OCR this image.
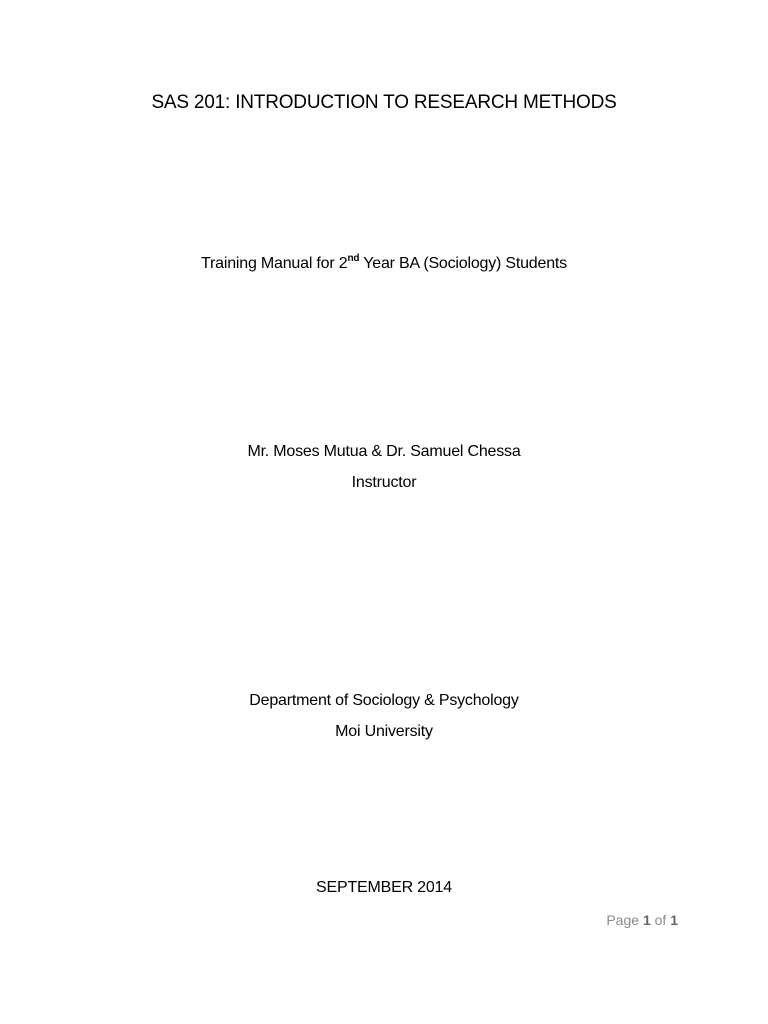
SAS 201: INTRODUCTION TO RESEARCH METHODS
Training Manual for 2nd Year BA (Sociology) Students
Mr. Moses Mutua & Dr. Samuel Chessa
Instructor
Department of Sociology & Psychology
Moi University
SEPTEMBER 2014
Page 1 of 1
